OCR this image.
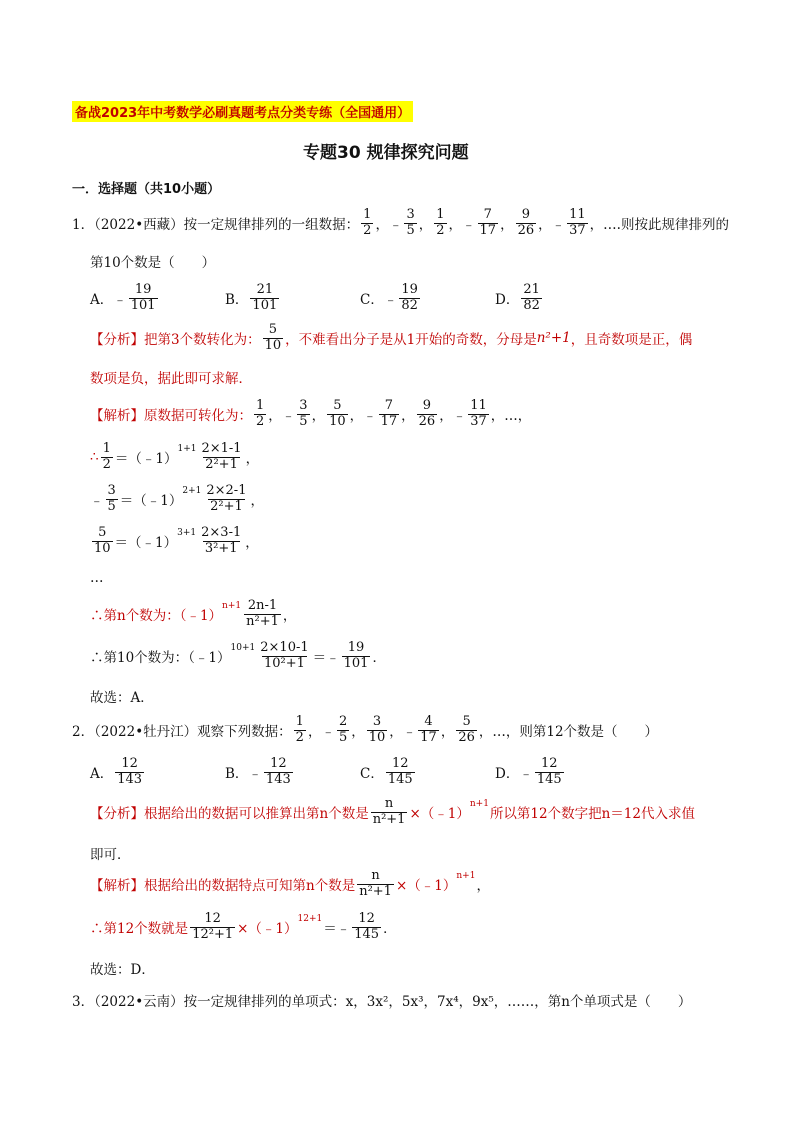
备战2023年中考数学必刷真题考点分类专练（全国通用）
专题30 规律探究问题
一．选择题（共10小题）
1．（2022•西藏）按一定规律排列的一组数据： $\frac{1}{2}$ ， ﹣ $\frac{3}{5}$ ， $\frac{1}{2}$ ， ﹣ $\frac{7}{17}$ ， $\frac{9}{26}$ ， ﹣ $\frac{11}{37}$ ，….则按此规律排列的
第10个数是（　　）
A．﹣ $\frac{19}{101}$	B． $\frac{21}{101}$	C．﹣ $\frac{19}{82}$	D． $\frac{21}{82}$
【分析】把第3个数转化为： $\frac{5}{10}$ ，不难看出分子是从1开始的奇数，分母是 n²+1 ，且奇数项是正，偶
数项是负，据此即可求解．
【解析】原数据可转化为： $\frac{1}{2}$ ， ﹣ $\frac{3}{5}$ ， $\frac{5}{10}$ ， ﹣ $\frac{7}{17}$ ， $\frac{9}{26}$ ， ﹣ $\frac{11}{37}$ ，…，
∴ $\frac{1}{2}$ ＝（﹣1）
$1+1 \frac{2\times 1-1}{\text{2²+1}}$ ，
﹣ $\frac{3}{5}$ ＝（﹣1）
$2+1 \frac{2\times 2-1}{\text{2²+1}}$ ，
$\frac{5}{10}$ ＝（﹣1）
$3+1 \frac{2\times 3-1}{\text{3²+1}}$ ，
…
∴第n个数为：（﹣1）
$n+1 \frac{2n-1}{\text{n²+1}}$ ，
∴第10个数为：（﹣1）
$10+1 \frac{2\times 10-1}{\text{10²+1}}$ ＝﹣ $\frac{19}{101}$ ．
故选：A．
2．（2022•牡丹江）观察下列数据： $\frac{1}{2}$ ， ﹣ $\frac{2}{5}$ ， $\frac{3}{10}$ ， ﹣ $\frac{4}{17}$ ， $\frac{5}{26}$ ，…，则第12个数是（　　）
A． $\frac{12}{143}$	B．﹣ $\frac{12}{143}$	C． $\frac{12}{145}$	D．﹣ $\frac{12}{145}$
【分析】根据给出的数据可以推算出第n个数是 $\frac{n}{\text{n²+1}}$ ×（﹣1）
n+1
所以第12个数字把n＝12代入求值
即可．
【解析】根据给出的数据特点可知第n个数是 $\frac{n}{\text{n²+1}}$ ×（﹣1）
n+1
，
∴第12个数就是 $\frac{12}{\text{12²+1}}$ ×（﹣1）
12+1
＝﹣ $\frac{12}{145}$ ．
故选：D．
3．（2022•云南）按一定规律排列的单项式：x，3x²，5x³，7x⁴，9x⁵，……，第n个单项式是（　　）
